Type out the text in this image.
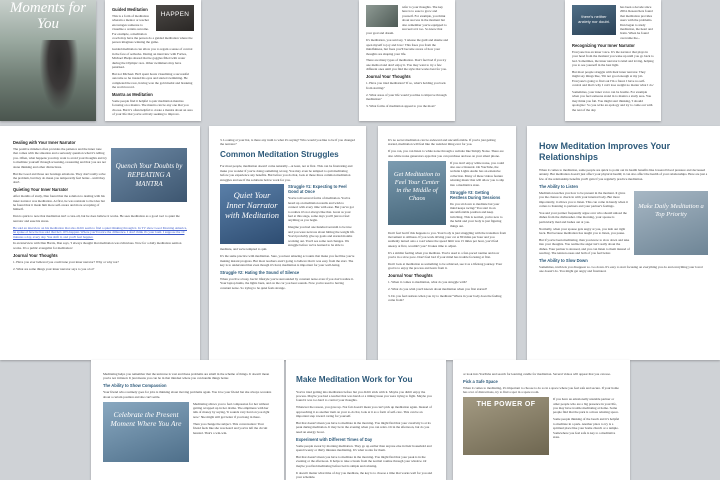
Moments for You
HAPPEN
Guided Meditation

This is a form of meditation wherein a mentor or teacher encourages someone to visualize a certain outcome. For example, a meditation coach may have the person do a guided meditation where the person imagines winning the game.

Guided meditation can allow you to regain a sense of control in the face of setbacks. During an interview with Forbes, Michael Phelps shared that he goggles filled with water during the Olympic race. Other swimmers may have panicked.

But not Michael. He'd spent hours visualizing a successful outcome so he trusted his eyes and started swimming. He completed the race, having won the gold medal and breaking the world record.

Mantra as Meditation

Some people find it helpful to pair meditation mantras focusing on a mantra. The mantra can be any one that you choose. But it's often helpful to create a mantra about an area of your life that you're actively seeking to improve.

refer to your thoughts. The key here is to ease to grow and yourself. For example, you think about success in the moment but also remember you're equipped to succeed at it too. So know that your goal and dream.

It's meditation, you said say, 'I release the guilt and shame and open myself to joy and love.' This frees you from the mindfulness, but frees you'll become aware of how your thoughts are shaping your life.

There are many types of meditation. Don't feel bad if you try one method and don't enjoy it. You may want to try a few different ones until you find the style that works best for you.

Journal Your Thoughts

1. Have you tried meditation? If so, what's holding you back from starting?

2. What areas of your life would you like to improve through meditation?

3. What forms of meditation appeal to you the most?

there's neither anxiety nor doubt.

has been a decade since 2004. Researchers found that meditation provides users with the problems. Dan began to study meditation, the heart and brain. When he found overcame the...

Recognizing Your Inner Narrator

Everyone has an inner voice. It's the narrator that plays in your head from the moment you wake up until you go back to bed. Sometimes, the inner narrator is kind and loving, helping you to see yourself in the best light.

But most people struggle with their inner narrator. They might say things like, 'I'm not good enough at my job. Everyone's going to find out I'm a fraud. I have no self-control and that's why I can't lose weight no matter what I do.'

Sometimes, your inner voice can be hostile. For example when you feel someone stand in to mantra a study area. You may think you fail. You might start thinking, 'I should apologize.' So you write an apology and try to come out with the rest of the day.

Quench Your Doubts by REPEATING A MANTRA
Dealing with Your Inner Narrator

The positive mindset often provides the patience and the inner tone that comes with the situation and a seriously question what it's telling you. Often, what happens you may want to avoid your thoughts and try to meditate yourself through screening, reassuring and that you are not alone thinking and other distractions.

But the Good and those are bondage emotions. They don't really solve the problem, but they do mean you temporarily feel better... until they don't.

Quieting Your Inner Narrator

After months of study, Dan found that the solution to dealing with his inner narrator was meditation. At first, he was resistant to the idea but he found that it made him more self-aware and more accepting of himself.

Dan is quick to note that meditation isn't a cure-all, but he does believe it works. He sees meditation as a good tool to quiet the narrator and ease his stress.

He said an interview on his meditation that also didn't seem to find a quiet thinking through it. In TV show Good Morning America, he spoke of how he has said that he's 10% happier. Where you'll notice the difference. I don't think it's your fault. I suppose the 10 minutes a day, every day. You shift it, and you'll feel happier.

In an interview with Dan Harris, Dan says, 'I always thought that meditation was ridiculous. Now for a daily meditation sermon works. It's a public evangelist for meditation.'

Journal Your Thoughts

1. Have you ever believed you could tune your inner narrator? Why or why not?

2. What are some things your inner narrator says to you a lot?

3. Looking at your list, is there any truth to what it's saying? Who would you like to be if you changed the narrator?

Common Meditation Struggles

For most people, meditation doesn't come naturally—at least, not at first. This can be frustrating and make you wonder if you're doing something wrong. You may even be tempted to quit meditating before you experience any benefits. But before you do that, look at these three common meditation struggles and see if the solutions below work for you.

Quiet Your Inner Narrator with Meditation
Struggle #1: Expecting to Feel Good at Once

You're told several forms of meditation. You've heard up on meditation results and wish to connect with every time with ease. But you've got to realize it's not always like that. Great as your feel at this stage, some days you'll just not feel anything as you begin.

Imagine you had one hundred seventh to be true and you were nervous about hitting the weight lift. You'd probably give up goals and started months working out. You'd see some real changes. We struggle before we've learned to be able to meditate, and we're tempted to quit.

It's the same practice with meditation. Sure, you hear amazing accounts that make you feel like you're making instant progress. But most teachers aren't going to believe that it was easy from the start. The key is to understand that even though it's hard, meditation is important for your well-being.

Struggle #2: Hating the Sound of Silence

When you live a busy, hectic lifestyle you're surrounded by constant noise even if you don't realize it. Your laptop hums, the lights buzz, and on the car you hear sounds. Now you're used to having constant noise. So trying to be quiet feels strange.

It's no secret meditation can be awkward and uncomfortable. If you're just getting started, meditation will feel like the weirdest thing ever for you.

If you can, you can listen to white noise through a website like Simply Noise. There are also white noise generators apps that you can purchase and use on your smart phone.

Get Meditation to Feel Your Center in the Middle of Chaos

If you don't enjoy white noise, you could also use a binaural. On YouTube, the website Lights Audio has an extensive collection. Many of these videos feature relaxing music that will allow you to slip into a meditative state.

Struggle #3: Getting Restless During Sessions

Do you sit down to meditate but your mind keeps racing? You start in an uncomfortable position and keep twitching. This is normal, you're new to the habit and your body is just figuring things out.

Don't feel bad if this happens to you. Your body is just struggling with the transition from movement to stillness. If you work driving your car at 80 miles per hour and you suddenly turned onto a road where the speed limit was 15 miles per hour, you'd feel uneasy at first, wouldn't you? It takes time to adjust.

It's a similar feeling when you meditate. You're used to a fast-paced routine and now you're in a slow pace. Don't feel bad if your mind has trouble focusing at first.

Don't look at meditation as something to be achieved, see it as a lifelong journey. Your goal is to enjoy the process and learn from it.

Journal Your Thoughts

1. When it comes to meditation, what do you struggle with?

2. What do you wish you'd known about meditation when you first started?

3. Do you feel restless when you try to meditate? Where in your body does the feeling come from?

How Meditation Improves Your Relationships

When it comes to meditation, some people are quick to point out its health benefits like lowered blood pressure and decreased anxiety. But meditation doesn't just affect your physical health; it can also affect the health of your relationships. Here are just a few of the relationship benefits you'll gain if you regularly practice meditation.

The Ability to Listen
Make Daily Meditation a Top Priority

Meditation teaches you how to be present in the moment. It gives you the chance to check in with your internal body. But more importantly, it allows you to listen. This can come in handy when it comes to listening to partners and your partner's feelings.

You and your partner frequently argue over who should unload the dishes from the dishwasher. One morning, your spouse is particularly mad and lashes out at you.

Normally, when your spouse gets angry at you, you lash out right back. But because meditation has taught you to listen, you pause.

But if you're been meditating, then you know to slow down and take into your thoughts. You realize the anger isn't really about the dishes. Your partner is stressed, and you can listen to them instead of reacting. The tension eases and both of you feel better.

The Ability to Slow Down

Sometimes, truth lets you disappear so. Go down. It's easy to start focusing on everything you do and everything your loved one doesn't do. You might get angry and frustrated.

Meditating helps you remember that the universe is vast and these problems are small in the scheme of things. It doesn't mean you're not irritated. It just means you can be in that mindset where you can handle things better.

The Ability to Show Compassion

Your friend who routinely goes for jobs is thinking about moving problems again. You love your friend but she always wonders about a certain position and she can't settle.

Celebrate the Present Moment Where You Are

Meditating allows you to feel compassion for her without getting wrapped up in her drama. The emptiness with her talk of money by saying, 'It sounds very hard on you right now.' She might still get better if you hang in there.

Then you change the subject. This conversation: Your friend feels like she was heard and you've left the circuit hassled. That's a win-win.

Make Meditation Work for You

You've tried getting into meditation before but you didn't stick with it. Maybe you didn't enjoy the process. Maybe you had a teacher that was harsh or a timing issue you were trying to fight. Maybe you found it was too hard to control your thoughts.

Whatever the reason, you gave up. Not fair doesn't mean you can't pick up meditation again. Instead of approaching it as another item on your to-do list, look at it as a form of self-care. This can be an important step toward caring for yourself.

But that doesn't mean you have to meditate in the morning. You might find that your creativity is at its peak during meditation. It may be in the evening when you can relax. Or in the afternoon, but do you need an energy boost.

Experiment with Different Times of Day

Some people swear by morning meditation. They go up earlier than anyone else in their household and spend twenty or thirty minutes meditating. It's what works for them.

But that doesn't mean you have to meditate in the morning. You might find that your peak is in the evening or the afternoon. It helps to take a break from the normal routine through your window. Or maybe you find meditating before bed is simple and relaxing.

It doesn't matter what time of day you meditate, the key is to choose a time that works well for you and your schedule.

or look into YouTube and search for learning candle for meditation. Several videos will appear that you can use.

Pick a Safe Space

When it comes to meditating, it's important to choose to do so in a space where you feel safe and secure. If your home has a lot of distractions, try to find a spot in a spare room.

THE POWER OF

If you have an emotionally unstable partner or other people who are a big presence in your life, you may have trouble meditating at home. Some people find that the park is a more relaxing space.

Some people thinking of the beach and it's helpful to meditate in a park. Another place to try is a spiritual place like your home church or a temple. Somewhere you feel safe is key to a meditative state.
